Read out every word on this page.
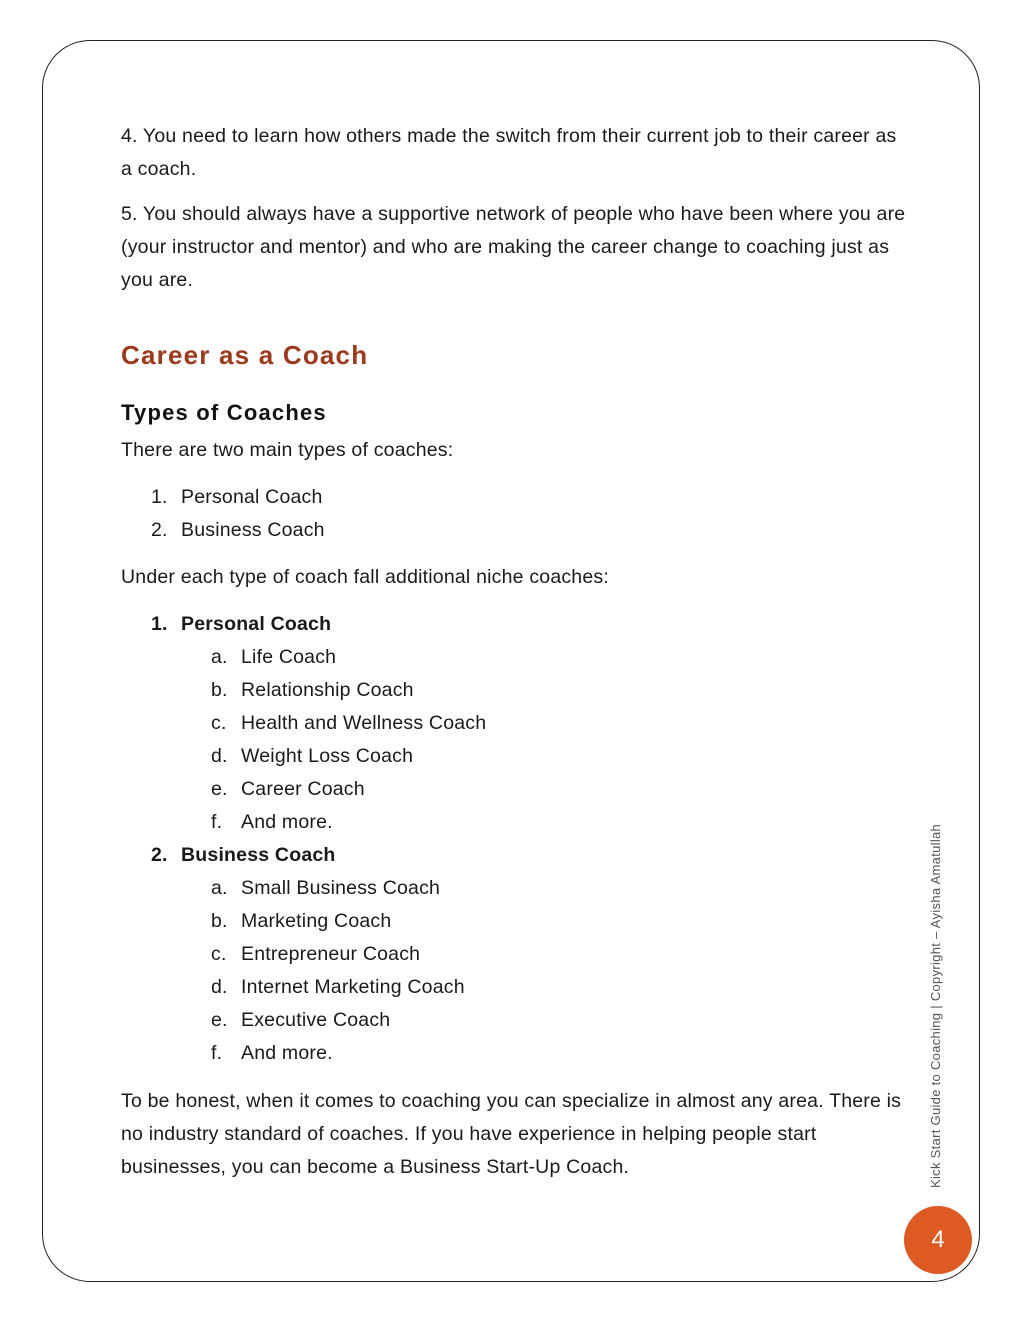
4. You need to learn how others made the switch from their current job to their career as a coach.

5. You should always have a supportive network of people who have been where you are (your instructor and mentor) and who are making the career change to coaching just as you are.

Career as a Coach
Types of Coaches

There are two main types of coaches:

1. Personal Coach
2. Business Coach

Under each type of coach fall additional niche coaches:

1. Personal Coach
a. Life Coach
b. Relationship Coach
c. Health and Wellness Coach
d. Weight Loss Coach
e. Career Coach
f. And more.
2. Business Coach
a. Small Business Coach
b. Marketing Coach
c. Entrepreneur Coach
d. Internet Marketing Coach
e. Executive Coach
f. And more.

To be honest, when it comes to coaching you can specialize in almost any area. There is no industry standard of coaches. If you have experience in helping people start businesses, you can become a Business Start-Up Coach.	Kick Start Guide to Coaching | Copyright – Ayisha Amatullah
4
